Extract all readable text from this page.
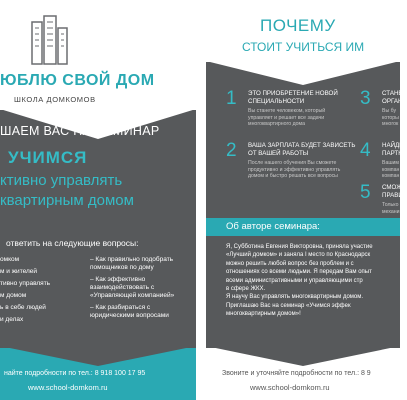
ЮБЛЮ СВОЙ ДОМ
ШКОЛА ДОМКОМОВ
ШАЕМ ВАС НА СЕМИНАР
УЧИМСЯ
ктивно управлять
квартирным домом
ответить на следующие вопросы:
омком
м и жителей
тивно управлять
м домом
ь в себе людей
и делах
– Как правильно подобрать помощников по дому
– Как эффективно взаимодействовать с «Управляющей компанией»
– Как разбираться с юридическими вопросами
найте подробности по тел.: 8 918 100 17 95
www.school-domkom.ru
ПОЧЕМУ
СТОИТ УЧИТЬСЯ ИМ
У НАС?
1 ЭТО ПРИОБРЕТЕНИЕ НОВОЙ
СПЕЦИАЛЬНОСТИ
Вы станете человеком, который
управляет и решает все задачи
многоквартирного дома
3 СТАНЕ
ОРГАНА
Вы бу
которы
многок
2 ВАША ЗАРПЛАТА БУДЕТ ЗАВИСЕТЬ
ОТ ВАШЕЙ РАБОТЫ
После нашего обучения Вы сможете
продуктивно и эффективно управлять
домом и быстро решать все вопросы
4 НАЙДЕ
ПАРТНЕ
Вашим
компан
компан
5 СМОЖЕ
ПРАВИЛ
Только
механи
Об авторе семинара:

Я, Субботина Евгения Викторовна, приняла участие

«Лучший домком» и заняла I место по Краснодарск

можно решить любой вопрос без проблем и с

отношениях со всеми людьми. Я передам Вам опыт

всеми административными и управляющими стр

в сфере ЖКХ.

Я научу Вас управлять многоквартирным домом.

Приглашаю Вас на семинар «Учимся эффек

многоквартирным домом»!

Звоните и уточняйте подробности по тел.: 8 9
www.school-domkom.ru
